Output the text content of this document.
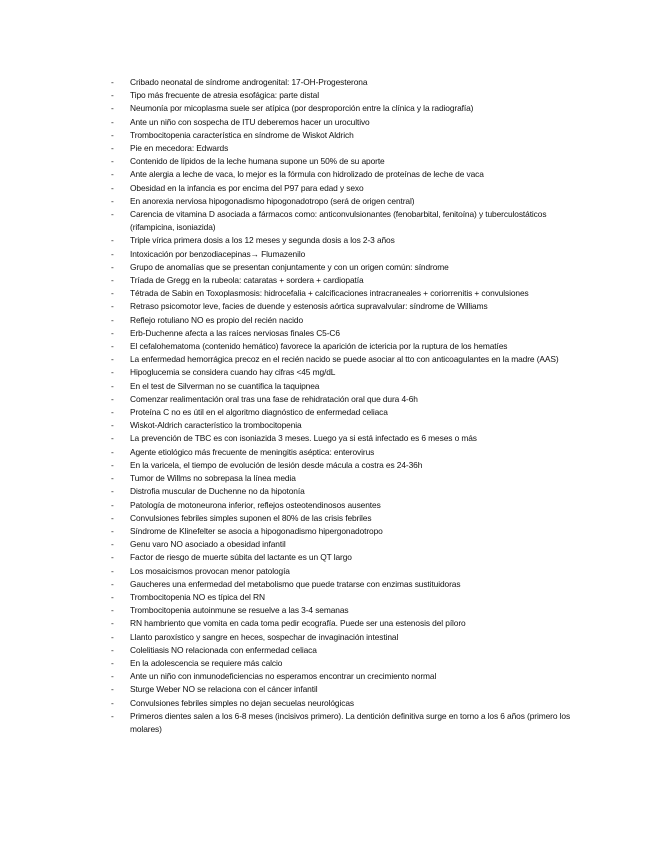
- Cribado neonatal de síndrome androgenital: 17-OH-Progesterona
- Tipo más frecuente de atresia esofágica: parte distal
- Neumonía por micoplasma suele ser atípica (por desproporción entre la clínica y la radiografía)
- Ante un niño con sospecha de ITU deberemos hacer un urocultivo
- Trombocitopenia característica en síndrome de Wiskot Aldrich
- Pie en mecedora: Edwards
- Contenido de lípidos de la leche humana supone un 50% de su aporte
- Ante alergia a leche de vaca, lo mejor es la fórmula con hidrolizado de proteínas de leche de vaca
- Obesidad en la infancia es por encima del P97 para edad y sexo
- En anorexia nerviosa hipogonadismo hipogonadotropo (será de origen central)
- Carencia de vitamina D asociada a fármacos como: anticonvulsionantes (fenobarbital, fenitoína) y tuberculostáticos (rifampicina, isoniazida)
- Triple vírica primera dosis a los 12 meses y segunda dosis a los 2-3 años
- Intoxicación por benzodiacepinas→ Flumazenilo
- Grupo de anomalías que se presentan conjuntamente y con un origen común: síndrome
- Tríada de Gregg en la rubeola: cataratas + sordera + cardiopatía
- Tétrada de Sabin en Toxoplasmosis: hidrocefalia + calcificaciones intracraneales + coriorrenitis + convulsiones
- Retraso psicomotor leve, facies de duende y estenosis aórtica supravalvular: síndrome de Williams
- Reflejo rotuliano NO es propio del recién nacido
- Erb-Duchenne afecta a las raíces nerviosas finales C5-C6
- El cefalohematoma (contenido hemático) favorece la aparición de ictericia por la ruptura de los hematíes
- La enfermedad hemorrágica precoz en el recién nacido se puede asociar al tto con anticoagulantes en la madre (AAS)
- Hipoglucemia se considera cuando hay cifras <45 mg/dL
- En el test de Silverman no se cuantifica la taquipnea
- Comenzar realimentación oral tras una fase de rehidratación oral que dura 4-6h
- Proteína C no es útil en el algoritmo diagnóstico de enfermedad celiaca
- Wiskot-Aldrich característico la trombocitopenia
- La prevención de TBC es con isoniazida 3 meses. Luego ya si está infectado es 6 meses o más
- Agente etiológico más frecuente de meningitis aséptica: enterovirus
- En la varicela, el tiempo de evolución de lesión desde mácula a costra es 24-36h
- Tumor de Willms no sobrepasa la línea media
- Distrofia muscular de Duchenne no da hipotonía
- Patología de motoneurona inferior, reflejos osteotendinosos ausentes
- Convulsiones febriles simples suponen el 80% de las crisis febriles
- Síndrome de Klinefelter se asocia a hipogonadismo hipergonadotropo
- Genu varo NO asociado a obesidad infantil
- Factor de riesgo de muerte súbita del lactante es un QT largo
- Los mosaicismos provocan menor patología
- Gaucheres una enfermedad del metabolismo que puede tratarse con enzimas sustituidoras
- Trombocitopenia NO es típica del RN
- Trombocitopenia autoinmune se resuelve a las 3-4 semanas
- RN hambriento que vomita en cada toma pedir ecografía. Puede ser una estenosis del píloro
- Llanto paroxístico y sangre en heces, sospechar de invaginación intestinal
- Colelitiasis NO relacionada con enfermedad celiaca
- En la adolescencia se requiere más calcio
- Ante un niño con inmunodeficiencias no esperamos encontrar un crecimiento normal
- Sturge Weber NO se relaciona con el cáncer infantil
- Convulsiones febriles simples no dejan secuelas neurológicas
- Primeros dientes salen a los 6-8 meses (incisivos primero). La dentición definitiva surge en torno a los 6 años (primero los molares)
